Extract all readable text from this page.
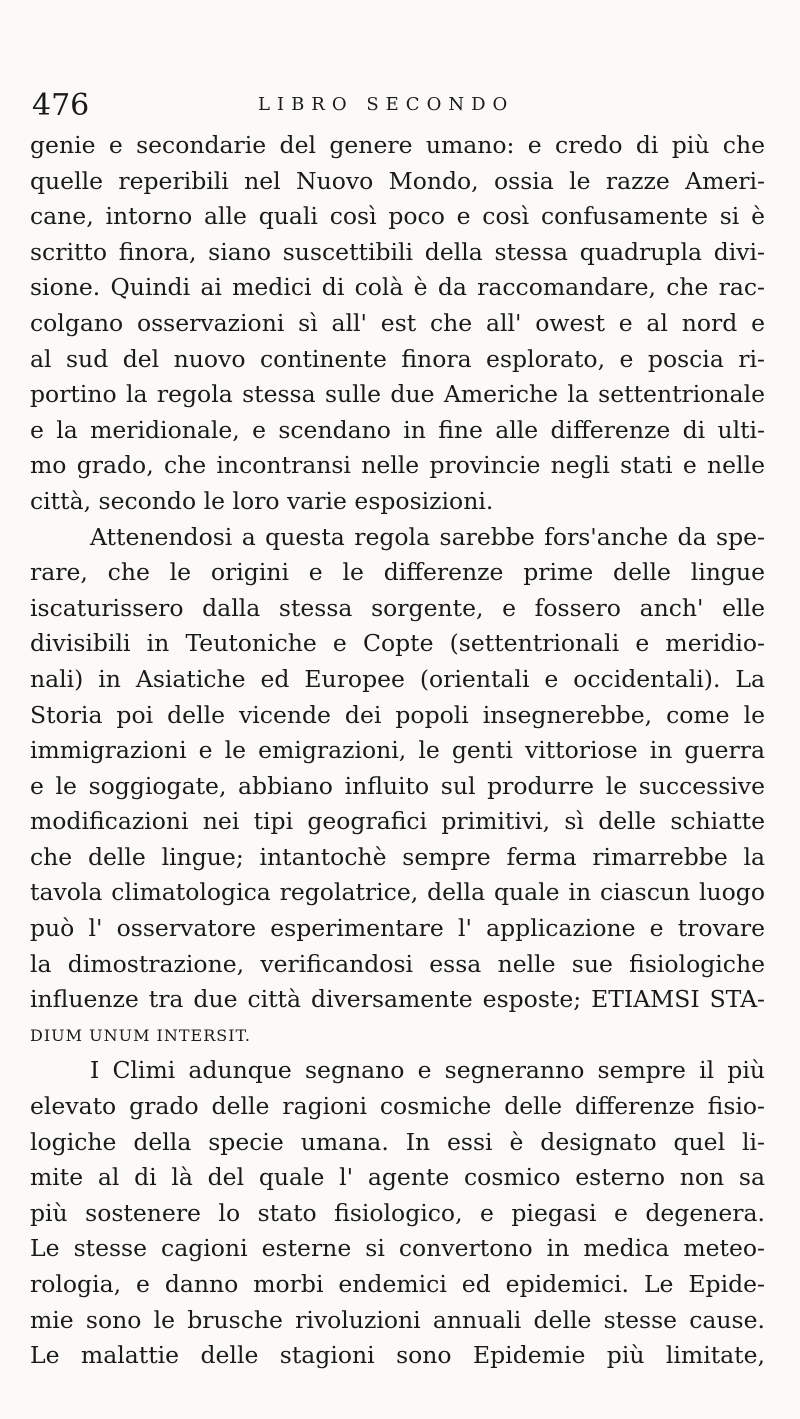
476	LIBRO SECONDO
genie e secondarie del genere umano: e credo di più che
quelle reperibili nel Nuovo Mondo, ossia le razze Ameri-
cane, intorno alle quali così poco e così confusamente si è
scritto finora, siano suscettibili della stessa quadrupla divi-
sione. Quindi ai medici di colà è da raccomandare, che rac-
colgano osservazioni sì all' est che all' owest e al nord e
al sud del nuovo continente finora esplorato, e poscia ri-
portino la regola stessa sulle due Americhe la settentrionale
e la meridionale, e scendano in fine alle differenze di ulti-
mo grado, che incontransi nelle provincie negli stati e nelle
città, secondo le loro varie esposizioni.
Attenendosi a questa regola sarebbe fors'anche da spe-
rare, che le origini e le differenze prime delle lingue
iscaturissero dalla stessa sorgente, e fossero anch' elle
divisibili in Teutoniche e Copte (settentrionali e meridio-
nali) in Asiatiche ed Europee (orientali e occidentali). La
Storia poi delle vicende dei popoli insegnerebbe, come le
immigrazioni e le emigrazioni, le genti vittoriose in guerra
e le soggiogate, abbiano influito sul produrre le successive
modificazioni nei tipi geografici primitivi, sì delle schiatte
che delle lingue; intantochè sempre ferma rimarrebbe la
tavola climatologica regolatrice, della quale in ciascun luogo
può l' osservatore esperimentare l' applicazione e trovare
la dimostrazione, verificandosi essa nelle sue fisiologiche
influenze tra due città diversamente esposte; ETIAMSI STA-
DIUM UNUM INTERSIT.
I Climi adunque segnano e segneranno sempre il più
elevato grado delle ragioni cosmiche delle differenze fisio-
logiche della specie umana. In essi è designato quel li-
mite al di là del quale l' agente cosmico esterno non sa
più sostenere lo stato fisiologico, e piegasi e degenera.
Le stesse cagioni esterne si convertono in medica meteo-
rologia, e danno morbi endemici ed epidemici. Le Epide-
mie sono le brusche rivoluzioni annuali delle stesse cause.
Le malattie delle stagioni sono Epidemie più limitate,
